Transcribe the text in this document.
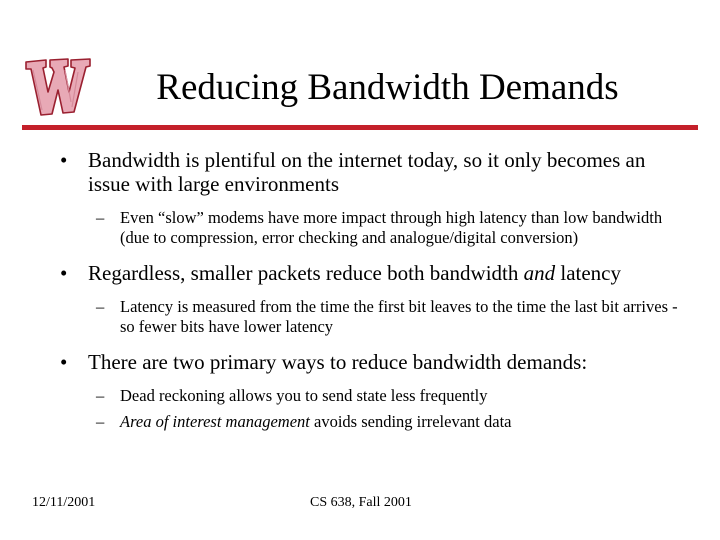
Reducing Bandwidth Demands

• Bandwidth is plentiful on the internet today, so it only becomes an issue with large environments

– Even “slow” modems have more impact through high latency than low bandwidth (due to compression, error checking and analogue/digital conversion)

• Regardless, smaller packets reduce both bandwidth and latency

– Latency is measured from the time the first bit leaves to the time the last bit arrives - so fewer bits have lower latency

• There are two primary ways to reduce bandwidth demands:

– Dead reckoning allows you to send state less frequently

– Area of interest management avoids sending irrelevant data

12/11/2001	CS 638, Fall 2001
